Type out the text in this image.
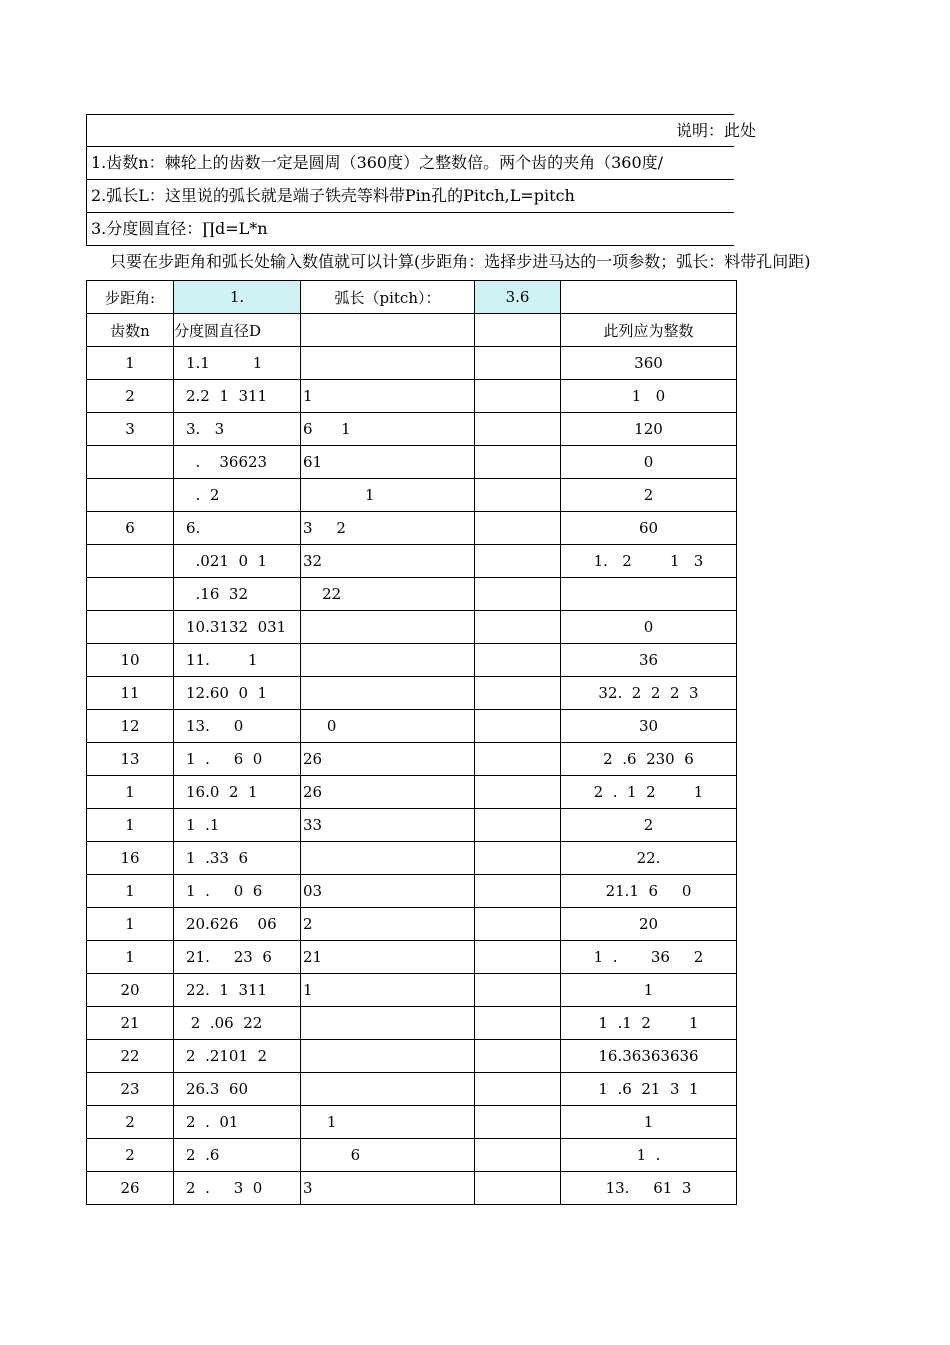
说明：此处

1.齿数n：棘轮上的齿数一定是圆周（360度）之整数倍。两个齿的夹角（360度/

2.弧长L：这里说的弧长就是端子铁壳等料带Pin孔的Pitch,L=pitch

3.分度圆直径：∏d=L*n

只要在步距角和弧长处输入数值就可以计算(步距角：选择步进马达的一项参数；弧长：料带孔间距)
步距角:	1.	弧长（pitch）：	3.6	
齿数n	分度圆直径D			此列应为整数
1	1.1         1			360
2	2.2  1  311	1		1   0
3	3.   3	6      1		120

	.    36623	61		0

	.  2	1		2
6	6.	3     2		60

	.021  0  1	32		1.   2        1   3

	.16  32	22		

	10.3132  031			0
10	11.        1			36
11	12.60  0  1			32.  2  2  2  3
12	13.     0	0		30
13	1  .     6  0	26		2  .6  230  6
1	16.0  2  1	26		2  .  1  2        1
1	1  .1	33		2
16	1  .33  6			22.
1	1  .     0  6	03		21.1  6     0
1	20.626    06	2		20
1	21.     23  6	21		1  .       36     2
20	22.  1  311	1		1
21	2  .06  22			1  .1  2        1
22	2  .2101  2			16.36363636
23	26.3  60			1  .6  21  3  1
2	2  .  01	1		1
2	2  .6	6		1  .
26	2  .     3  0	3		13.     61  3
